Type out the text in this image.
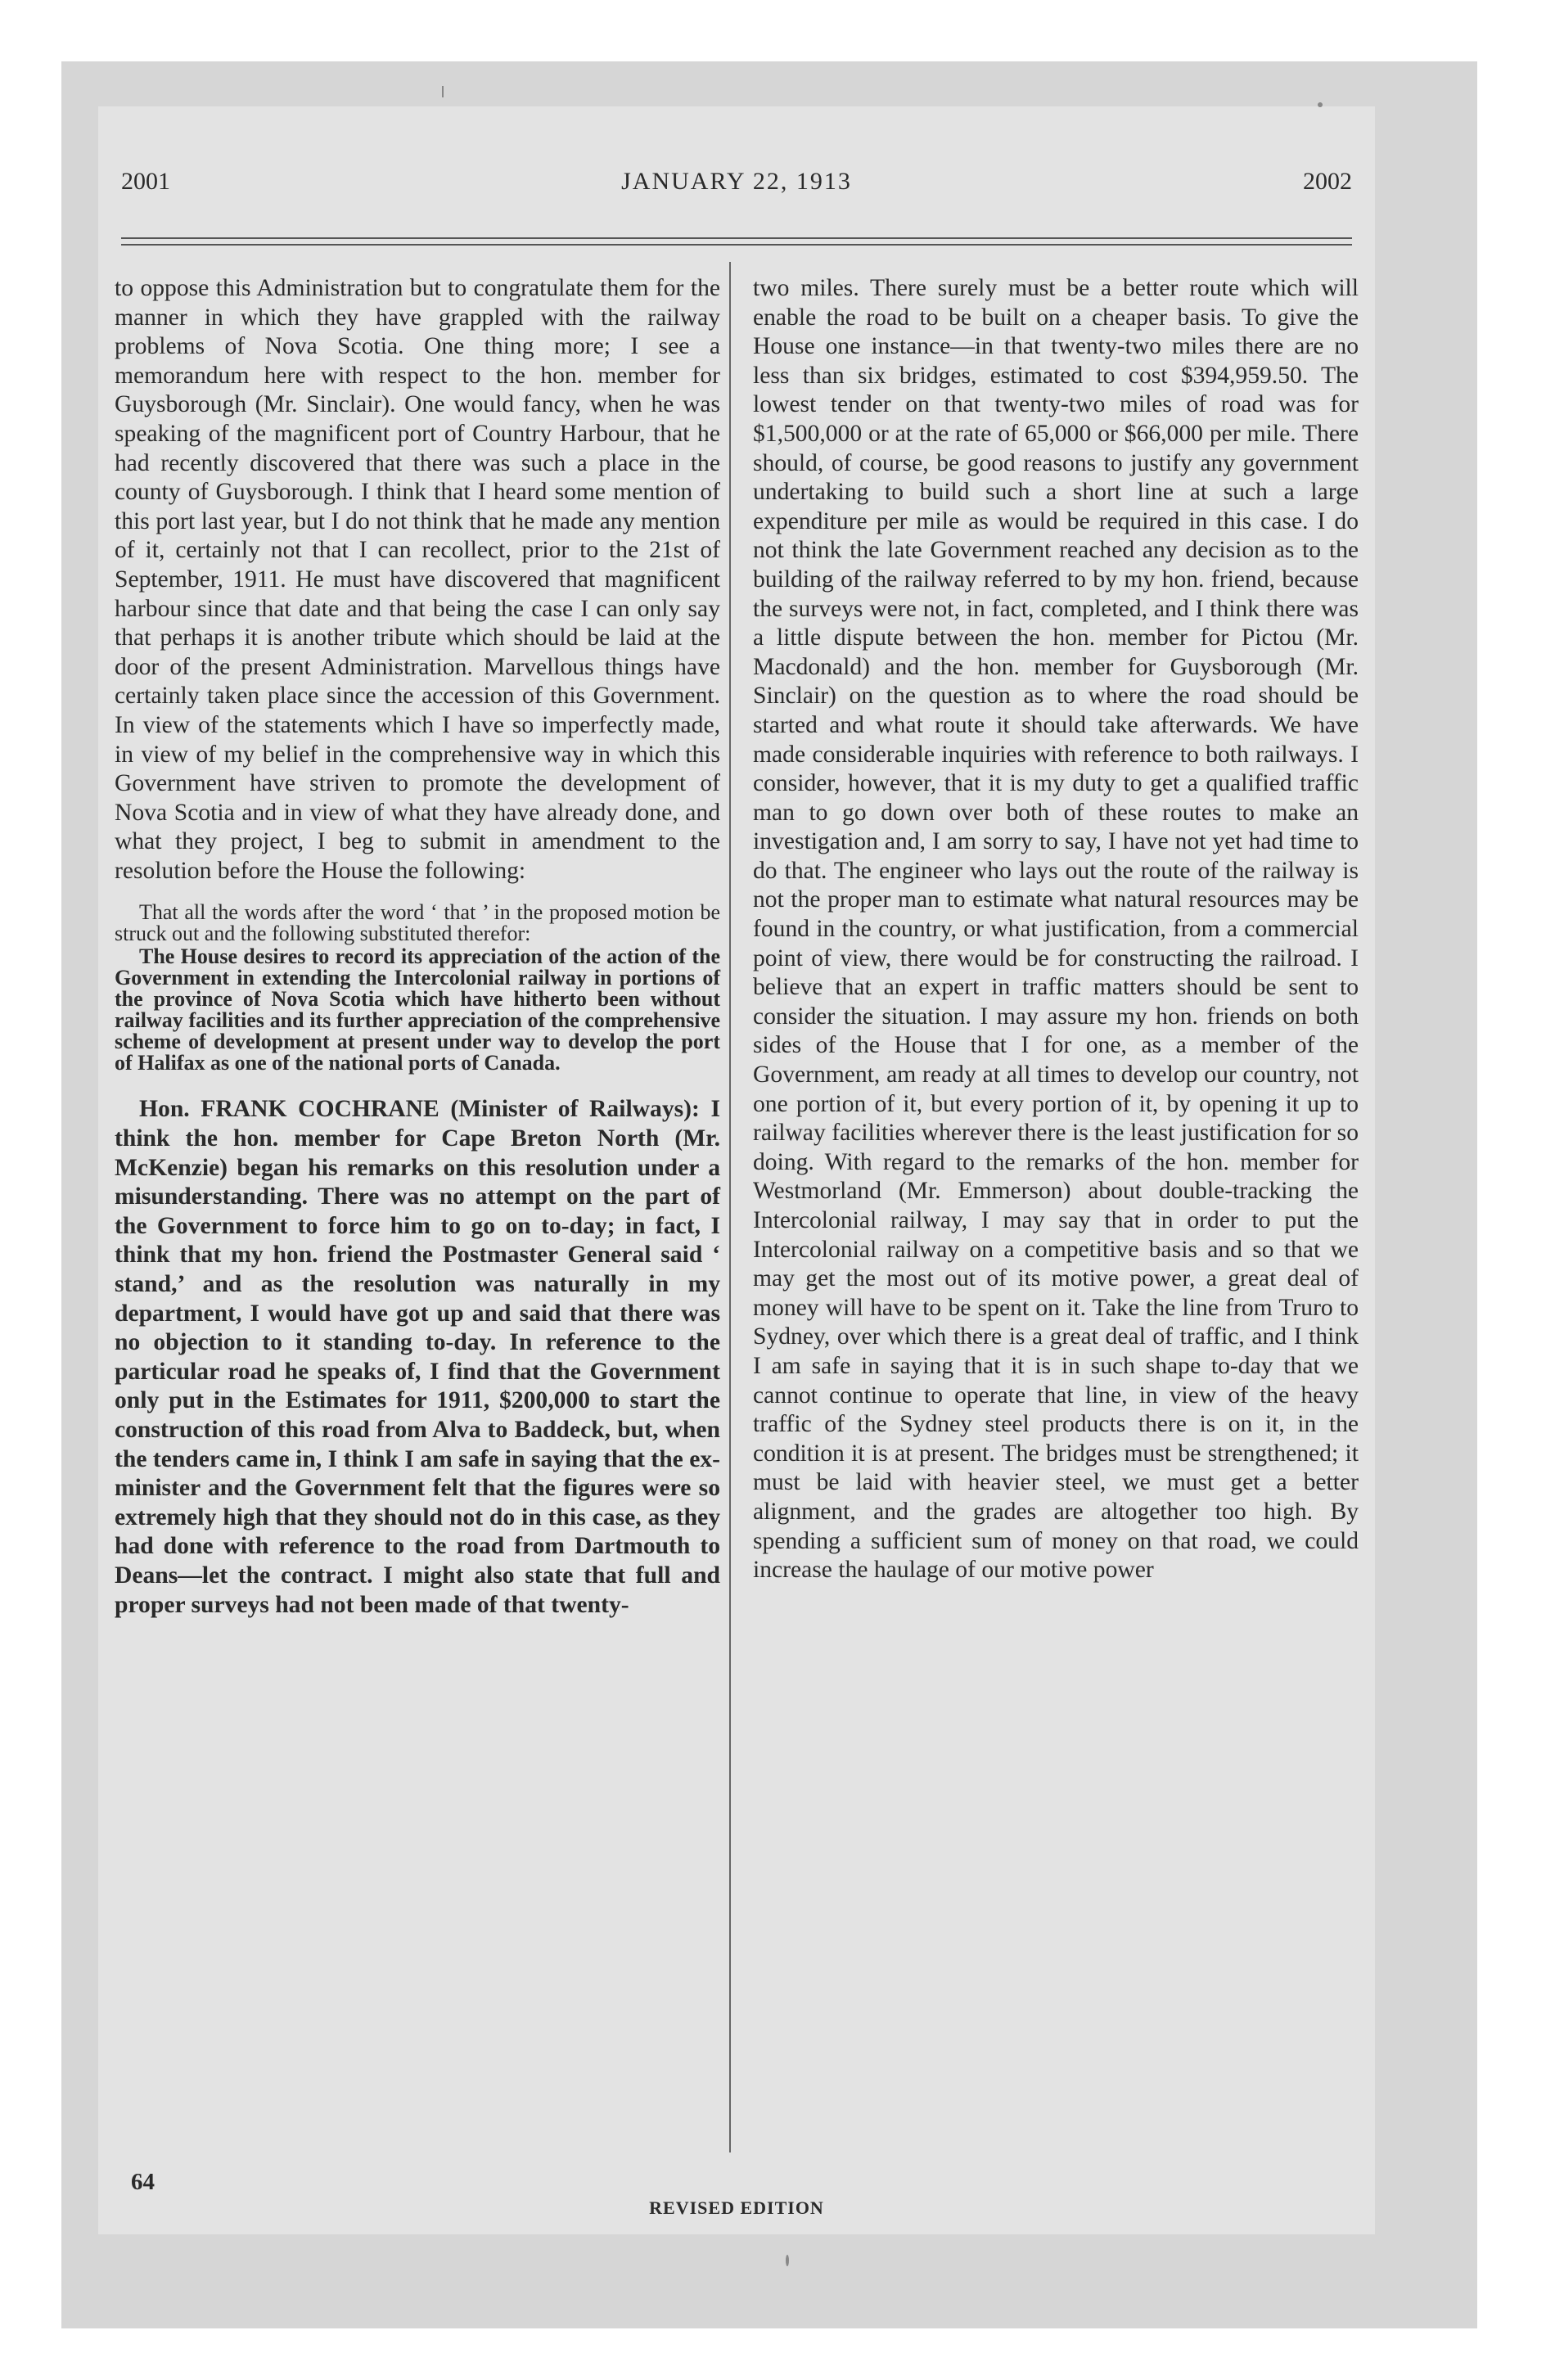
2001	JANUARY 22, 1913	2002

to oppose this Administration but to congratulate them for the manner in which they have grappled with the railway problems of Nova Scotia. One thing more; I see a memorandum here with respect to the hon. member for Guysborough (Mr. Sinclair). One would fancy, when he was speaking of the magnificent port of Country Harbour, that he had recently discovered that there was such a place in the county of Guysborough. I think that I heard some mention of this port last year, but I do not think that he made any mention of it, certainly not that I can recollect, prior to the 21st of September, 1911. He must have discovered that magnificent harbour since that date and that being the case I can only say that perhaps it is another tribute which should be laid at the door of the present Administration. Marvellous things have certainly taken place since the accession of this Government. In view of the statements which I have so imperfectly made, in view of my belief in the comprehensive way in which this Government have striven to promote the development of Nova Scotia and in view of what they have already done, and what they project, I beg to submit in amendment to the resolution before the House the following:

That all the words after the word ‘ that ’ in the proposed motion be struck out and the following substituted therefor:

The House desires to record its appreciation of the action of the Government in extending the Intercolonial railway in portions of the province of Nova Scotia which have hitherto been without railway facilities and its further appreciation of the comprehensive scheme of development at present under way to develop the port of Halifax as one of the national ports of Canada.

Hon. FRANK COCHRANE (Minister of Railways): I think the hon. member for Cape Breton North (Mr. McKenzie) began his remarks on this resolution under a misunderstanding. There was no attempt on the part of the Government to force him to go on to-day; in fact, I think that my hon. friend the Postmaster General said ‘ stand,’ and as the resolution was naturally in my department, I would have got up and said that there was no objection to it standing to-day. In reference to the particular road he speaks of, I find that the Government only put in the Estimates for 1911, $200,000 to start the construction of this road from Alva to Baddeck, but, when the tenders came in, I think I am safe in saying that the ex-minister and the Government felt that the figures were so extremely high that they should not do in this case, as they had done with reference to the road from Dartmouth to Deans—let the contract. I might also state that full and proper surveys had not been made of that twenty-

two miles. There surely must be a better route which will enable the road to be built on a cheaper basis. To give the House one instance—in that twenty-two miles there are no less than six bridges, estimated to cost $394,959.50. The lowest tender on that twenty-two miles of road was for $1,500,000 or at the rate of 65,000 or $66,000 per mile. There should, of course, be good reasons to justify any government undertaking to build such a short line at such a large expenditure per mile as would be required in this case. I do not think the late Government reached any decision as to the building of the railway referred to by my hon. friend, because the surveys were not, in fact, completed, and I think there was a little dispute between the hon. member for Pictou (Mr. Macdonald) and the hon. member for Guysborough (Mr. Sinclair) on the question as to where the road should be started and what route it should take afterwards. We have made considerable inquiries with reference to both railways. I consider, however, that it is my duty to get a qualified traffic man to go down over both of these routes to make an investigation and, I am sorry to say, I have not yet had time to do that. The engineer who lays out the route of the railway is not the proper man to estimate what natural resources may be found in the country, or what justification, from a commercial point of view, there would be for constructing the railroad. I believe that an expert in traffic matters should be sent to consider the situation. I may assure my hon. friends on both sides of the House that I for one, as a member of the Government, am ready at all times to develop our country, not one portion of it, but every portion of it, by opening it up to railway facilities wherever there is the least justification for so doing. With regard to the remarks of the hon. member for Westmorland (Mr. Emmerson) about double-tracking the Intercolonial railway, I may say that in order to put the Intercolonial railway on a competitive basis and so that we may get the most out of its motive power, a great deal of money will have to be spent on it. Take the line from Truro to Sydney, over which there is a great deal of traffic, and I think I am safe in saying that it is in such shape to-day that we cannot continue to operate that line, in view of the heavy traffic of the Sydney steel products there is on it, in the condition it is at present. The bridges must be strengthened; it must be laid with heavier steel, we must get a better alignment, and the grades are altogether too high. By spending a sufficient sum of money on that road, we could increase the haulage of our motive power

64
REVISED EDITION
